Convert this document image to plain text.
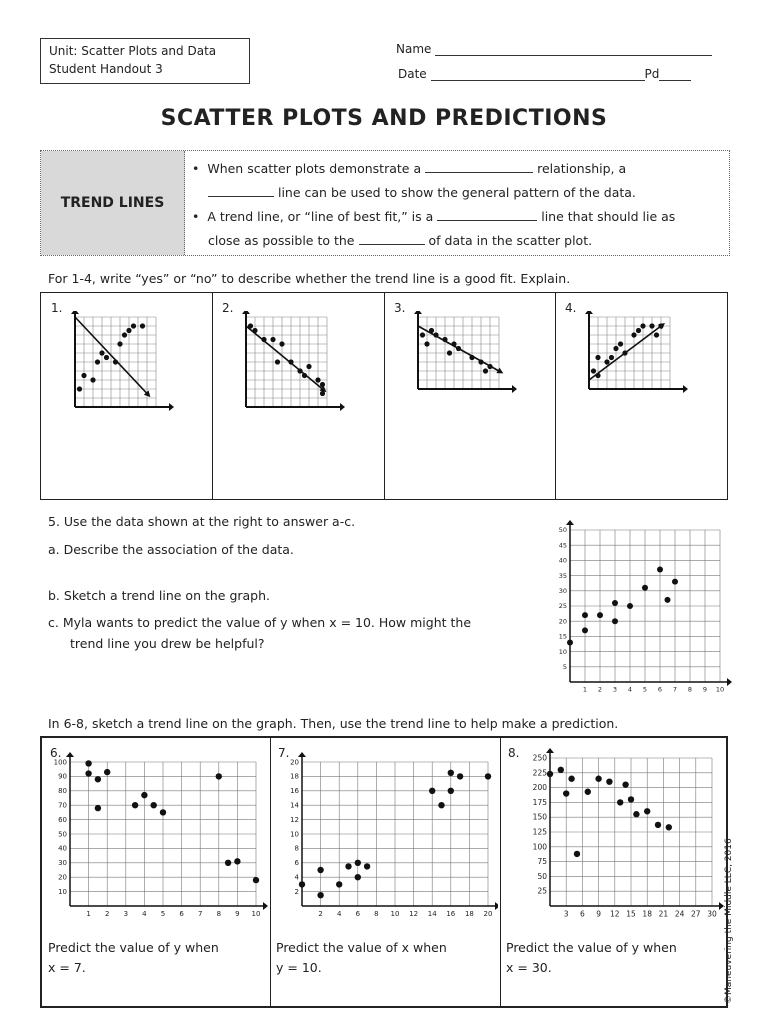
Unit: Scatter Plots and Data
Student Handout 3
Name
Date	Pd
SCATTER PLOTS AND PREDICTIONS
TREND LINES

•  When scatter plots demonstrate a	relationship, a

line can be used to show the general pattern of the data.

•  A trend line, or “line of best fit,” is a	line that should lie as

close as possible to the	of data in the scatter plot.

For 1-4, write “yes” or “no” to describe whether the trend line is a good fit. Explain.
1.	2.	3.	4.
5. Use the data shown at the right to answer a-c.
a. Describe the association of the data.
b. Sketch a trend line on the graph.
c. Myla wants to predict the value of y when x = 10. How might the
trend line you drew be helpful?
1 2 3 4 5 6 7 8 9 10
5
10
15
20
25
30
35
40
45
50
In 6-8, sketch a trend line on the graph. Then, use the trend line to help make a prediction.
6.
1 2 3 4 5 6 7 8 9 10
10
20
30
40
50
60
70
80
90
100
Predict the value of y when
x = 7.
7.
2 4 6 8 10 12 14 16 18 20
2
4
6
8
10
12
14
16
18
20
Predict the value of x when
y = 10.
8.
3 6 9 12 15 18 21 24 27 30
25
50
75
100
125
150
175
200
225
250
Predict the value of y when
x = 30.	©Maneuvering the Middle LLC, 2016
